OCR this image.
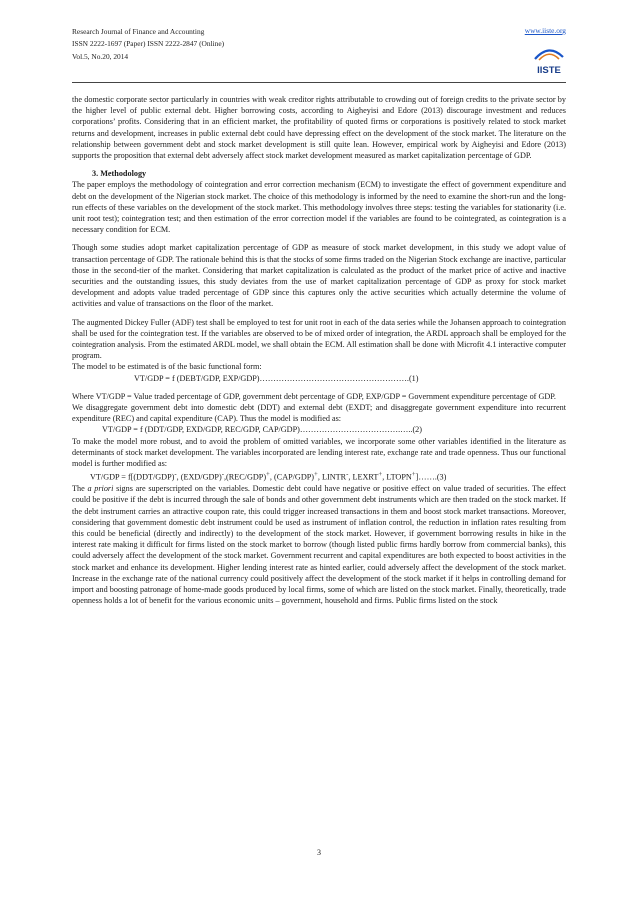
Research Journal of Finance and Accounting
ISSN 2222-1697 (Paper) ISSN 2222-2847 (Online)
Vol.5, No.20, 2014
www.iiste.org
IISTE

the domestic corporate sector particularly in countries with weak creditor rights attributable to crowding out of foreign credits to the private sector by the higher level of public external debt. Higher borrowing costs, according to Aigheyisi and Edore (2013) discourage investment and reduces corporations’ profits. Considering that in an efficient market, the profitability of quoted firms or corporations is positively related to stock market returns and development, increases in public external debt could have depressing effect on the development of the stock market. The literature on the relationship between government debt and stock market development is still quite lean. However, empirical work by Aigheyisi and Edore (2013) supports the proposition that external debt adversely affect stock market development measured as market capitalization percentage of GDP.

3. Methodology

The paper employs the methodology of cointegration and error correction mechanism (ECM) to investigate the effect of government expenditure and debt on the development of the Nigerian stock market. The choice of this methodology is informed by the need to examine the short-run and the long-run effects of these variables on the development of the stock market. This methodology involves three steps: testing the variables for stationarity (i.e. unit root test); cointegration test; and then estimation of the error correction model if the variables are found to be cointegrated, as cointegration is a necessary condition for ECM.

Though some studies adopt market capitalization percentage of GDP as measure of stock market development, in this study we adopt value of transaction percentage of GDP. The rationale behind this is that the stocks of some firms traded on the Nigerian Stock exchange are inactive, particular those in the second-tier of the market. Considering that market capitalization is calculated as the product of the market price of active and inactive securities and the outstanding issues, this study deviates from the use of market capitalization percentage of GDP as proxy for stock market development and adopts value traded percentage of GDP since this captures only the active securities which actually determine the volume of activities and value of transactions on the floor of the market.

The augmented Dickey Fuller (ADF) test shall be employed to test for unit root in each of the data series while the Johansen approach to cointegration shall be used for the cointegration test. If the variables are observed to be of mixed order of integration, the ARDL approach shall be employed for the cointegration analysis. From the estimated ARDL model, we shall obtain the ECM. All estimation shall be done with Microfit 4.1 interactive computer program.

The model to be estimated is of the basic functional form:

VT/GDP = f (DEBT/GDP, EXP/GDP)……………………………………………….(1)

Where VT/GDP = Value traded percentage of GDP, government debt percentage of GDP, EXP/GDP = Government expenditure percentage of GDP.

We disaggregate government debt into domestic debt (DDT) and external debt (EXDT; and disaggregate government expenditure into recurrent expenditure (REC) and capital expenditure (CAP). Thus the model is modified as:

VT/GDP = f (DDT/GDP, EXD/GDP, REC/GDP, CAP/GDP)……………………………….…..(2)

To make the model more robust, and to avoid the problem of omitted variables, we incorporate some other variables identified in the literature as determinants of stock market development. The variables incorporated are lending interest rate, exchange rate and trade openness. Thus our functional model is further modified as:

VT/GDP = f[(DDT/GDP)-, (EXD/GDP)-,(REC/GDP)+, (CAP/GDP)+, LINTR-, LEXRT+, LTOPN+]…….(3)

The a priori signs are superscripted on the variables. Domestic debt could have negative or positive effect on value traded of securities. The effect could be positive if the debt is incurred through the sale of bonds and other government debt instruments which are then traded on the stock market. If the debt instrument carries an attractive coupon rate, this could trigger increased transactions in them and boost stock market transactions. Moreover, considering that government domestic debt instrument could be used as instrument of inflation control, the reduction in inflation rates resulting from this could be beneficial (directly and indirectly) to the development of the stock market. However, if government borrowing results in hike in the interest rate making it difficult for firms listed on the stock market to borrow (though listed public firms hardly borrow from commercial banks), this could adversely affect the development of the stock market. Government recurrent and capital expenditures are both expected to boost activities in the stock market and enhance its development. Higher lending interest rate as hinted earlier, could adversely affect the development of the stock market. Increase in the exchange rate of the national currency could positively affect the development of the stock market if it helps in controlling demand for import and boosting patronage of home-made goods produced by local firms, some of which are listed on the stock market. Finally, theoretically, trade openness holds a lot of benefit for the various economic units – government, household and firms. Public firms listed on the stock

3
